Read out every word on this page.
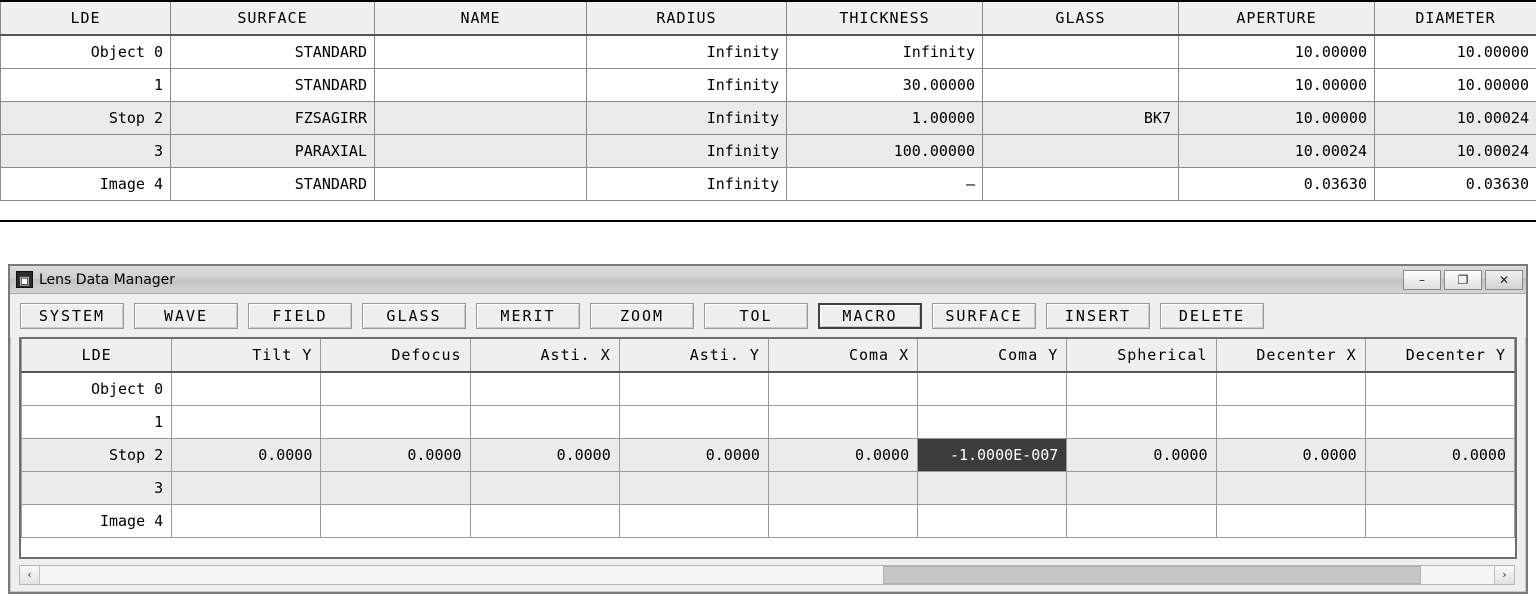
LDE	SURFACE	NAME	RADIUS	THICKNESS	GLASS	APERTURE	DIAMETER
Object 0	STANDARD		Infinity	Infinity		10.00000	10.00000
1	STANDARD		Infinity	30.00000		10.00000	10.00000
Stop 2	FZSAGIRR		Infinity	1.00000	BK7	10.00000	10.00024
3	PARAXIAL		Infinity	100.00000		10.00024	10.00024
Image 4	STANDARD		Infinity	–		0.03630	0.03630
▣ Lens Data Manager	–	❐	✕
SYSTEM	WAVE	FIELD	GLASS	MERIT	ZOOM	TOL	MACRO	SURFACE	INSERT	DELETE
LDE	Tilt Y	Defocus	Asti. X	Asti. Y	Coma X	Coma Y	Spherical	Decenter X	Decenter Y
Object 0									
1									
Stop 2	0.0000	0.0000	0.0000	0.0000	0.0000	-1.0000E-007	0.0000	0.0000	0.0000
3									
Image 4									
‹	›
